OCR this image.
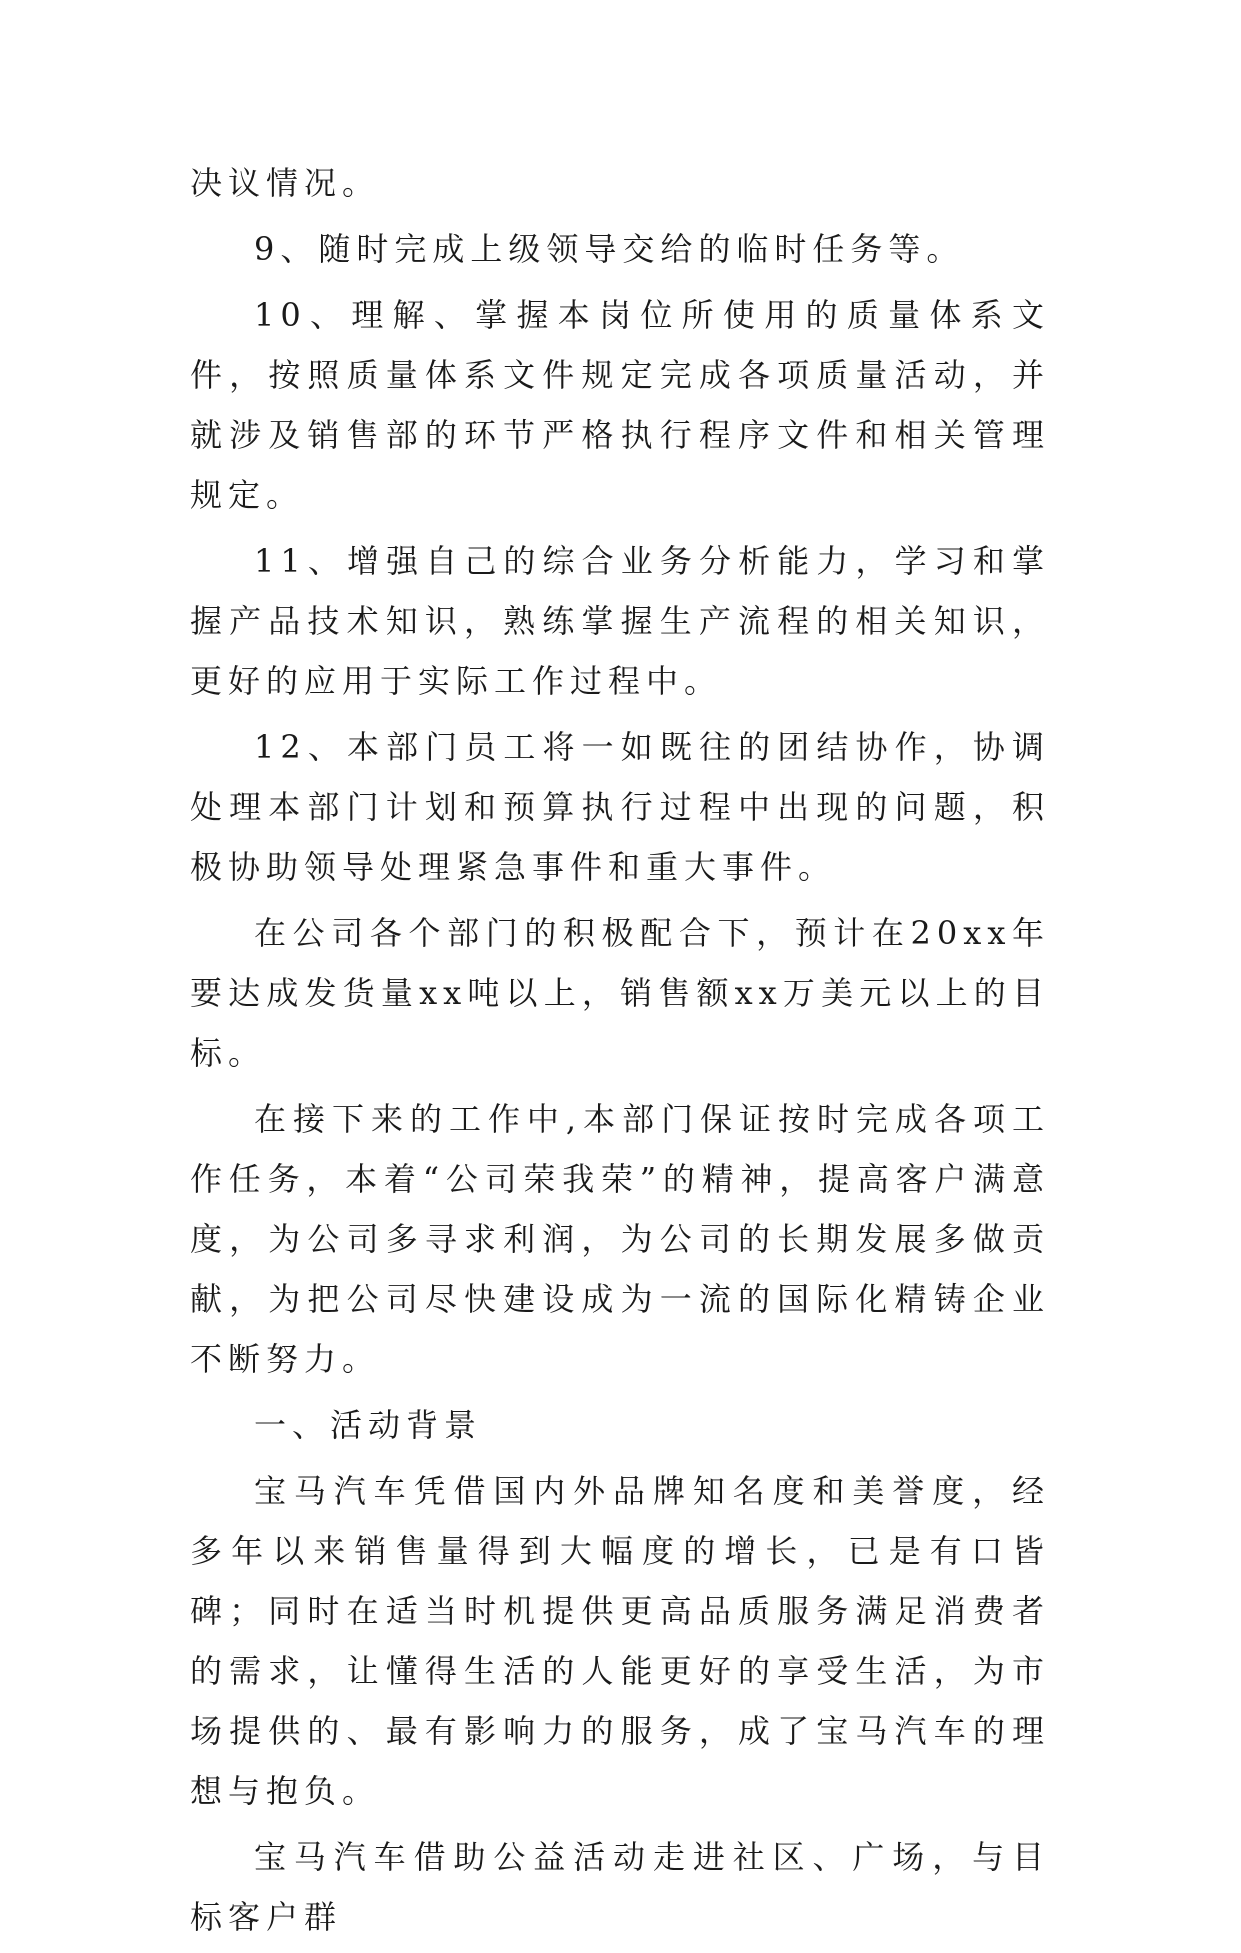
决议情况。

9、随时完成上级领导交给的临时任务等。

10、理解、掌握本岗位所使用的质量体系文件，按照质量体系文件规定完成各项质量活动，并就涉及销售部的环节严格执行程序文件和相关管理规定。

11、增强自己的综合业务分析能力，学习和掌握产品技术知识，熟练掌握生产流程的相关知识，更好的应用于实际工作过程中。

12、本部门员工将一如既往的团结协作，协调处理本部门计划和预算执行过程中出现的问题，积极协助领导处理紧急事件和重大事件。

在公司各个部门的积极配合下，预计在20xx年要达成发货量xx吨以上，销售额xx万美元以上的目标。

在接下来的工作中,本部门保证按时完成各项工作任务，本着“公司荣我荣”的精神，提高客户满意度，为公司多寻求利润，为公司的长期发展多做贡献，为把公司尽快建设成为一流的国际化精铸企业不断努力。

一、活动背景

宝马汽车凭借国内外品牌知名度和美誉度，经多年以来销售量得到大幅度的增长，已是有口皆碑；同时在适当时机提供更高品质服务满足消费者的需求，让懂得生活的人能更好的享受生活，为市场提供的、最有影响力的服务，成了宝马汽车的理想与抱负。

宝马汽车借助公益活动走进社区、广场，与目标客户群
